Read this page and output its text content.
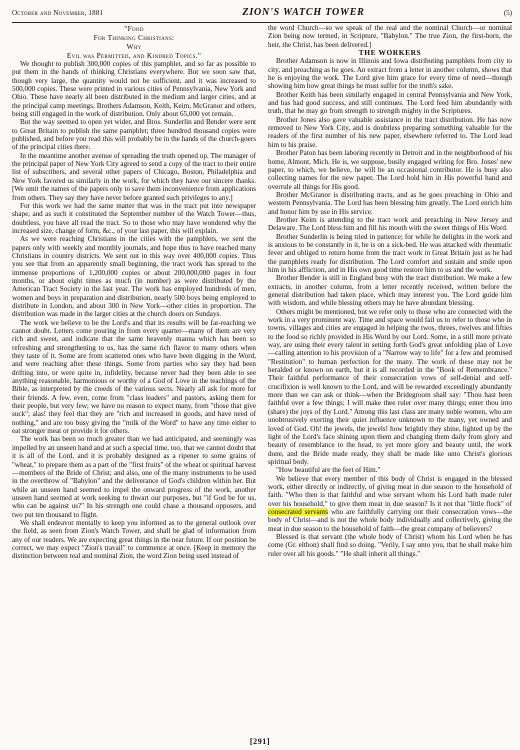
October and November, 1881	ZION'S WATCH TOWER	(5)

"Food

For Thinking Christians:

Why

Evil was Permitted, and Kindred Topics."

We thought to publish 300,000 copies of this pamphlet, and so far as possible to put them in the hands of thinking Christians everywhere. But we soon saw that, though very large, the quantity would not be sufficient, and it was increased to 500,000 copies. These were printed in various cities of Pennsylvania, New York and Ohio. These have nearly all been distributed in the medium and larger cities, and at the principal camp meetings, Brothers Adamson, Keith, Keim, McGranor and others, being still engaged in the work of distribution. Only about 65,000 yet remain.

But the way seemed to open yet wider, and Bros. Sunderlin and Bender were sent to Great Britain to publish the same pamphlet; three hundred thousand copies were published, and before you read this will probably be in the hands of the church-goers of the principal cities there.

In the meantime another avenue of spreading the truth opened up. The manager of the principal paper of New York City agreed to send a copy of the tract to their entire list of subscribers, and several other papers of Chicago, Boston, Philadelphia and New York favored us similarly in the work, for which they have our sincere thanks. [We omit the names of the papers only to save them inconvenience from applications from others. They say they have never before granted such privileges to any.]

For this work we had the same matter that was in the tract put into newspaper shape, and as such it constituted the September number of the Watch Tower—thus, doubtless, you have all read the tract. So to those who may have wondered why the increased size, change of form, &c., of your last paper, this will explain.

As we were reaching Christians in the cities with the pamphlets, we sent the papers only with weekly and monthly journals, and hope thus to have reached many Christians in country districts. We sent out in this way over 400,000 copies. Thus you see that from an apparently small beginning, the tract work has spread to the immense proportions of 1,200,000 copies or about 200,000,000 pages in four months, or about eight times as much (in number) as were distributed by the American Tract Society in the last year. The work has employed hundreds of men, women and boys in preparation and distribution, nearly 500 boys being employed to distribute in London, and about 300 in New York—other cities in proportion. The distribution was made in the larger cities at the church doors on Sundays.

The work we believe to be the Lord's and that its results will be far-reaching we cannot doubt. Letters come pouring in from every quarter—many of them are very rich and sweet, and indicate that the same heavenly manna which has been so refreshing and strengthening to us, has the same rich flavor to many others when they taste of it. Some are from scattered ones who have been digging in the Word, and were reaching after these things. Some from parties who say they had been drifting into, or were quite in, infidelity, because never had they been able to see anything reasonable, harmonious or worthy of a God of Love in the teachings of the Bible, as interpreted by the creeds of the various sects. Nearly all ask for more for their friends. A few, even, come from "class leaders" and pastors, asking them for their people, but very few; we have no reason to expect many, from "those that give suck"; alas! they feel that they are "rich and increased in goods, and have need of nothing," and are too busy giving the "milk of the Word" to have any time either to eat stronger meat or provide it for others.

The work has been so much greater than we had anticipated, and seemingly was impelled by an unseen hand and at such a special time, too, that we cannot doubt that it is all of the Lord, and it is probably designed as a ripener to some grains of "wheat," to prepare them as a part of the "first fruits" of the wheat or spiritual harvest—members of the Bride of Christ; and also, one of the many instruments to be used in the overthrow of "Babylon" and the deliverance of God's children within her. But while an unseen hand seemed to impel the onward progress of the work, another unseen hand seemed at work seeking to thwart our purposes, but "if God be for us, who can be against us?" In his strength one could chase a thousand opposers, and two put ten thousand to flight.

We shall endeavor mentally to keep you informed as to the general outlook over the field, as seen from Zion's Watch Tower, and shall be glad of information from any of our readers. We are expecting great things in the near future. If our position be correct, we may expect "Zion's travail" to commence at once. [Keep in memory the distinction between real and nominal Zion, the word Zion being used instead of

the word Church—so we speak of the real and the nominal Church—or nominal Zion being now termed, in Scripture, "Babylon." The true Zion, the first-born, the heir, the Christ, has been delivered.]

THE WORKERS

Brother Adamson is now in Illinois and Iowa distributing pamphlets from city to city, and preaching as he goes. An extract from a letter in another column, shows that he is enjoying the work. The Lord give him grace for every time of need—though showing him how great things he must suffer for the truth's sake.

Brother Keith has been similarly engaged in central Pennsylvania and New York, and has had good success, and still continues. The Lord feed him abundantly with truth, that he may go from strength to strength mighty in the Scriptures.

Brother Jones also gave valuable assistance in the tract distribution. He has now removed to New York City, and is doubtless preparing something valuable for the readers of the first number of his new paper, elsewhere referred to. The Lord lead him to his praise.

Brother Paton has been laboring recently in Detroit and in the neighborhood of his home, Almont, Mich. He is, we suppose, busily engaged writing for Bro. Jones' new paper, to which, we believe, he will be an occasional contributor. He is busy also collecting names for the new paper. The Lord hold him in His powerful hand and overrule all things for His good.

Brother McGranor is distributing tracts, and as he goes preaching in Ohio and western Pennsylvania. The Lord has been blessing him greatly. The Lord enrich him and honor him by use in His service.

Brother Keim is attending to the tract work and preaching in New Jersey and Delaware. The Lord bless him and fill his mouth with the sweet things of His Word.

Brother Sunderlin is being tried in patience; for while he delights in the work and is anxious to be constantly in it, he is on a sick-bed. He was attacked with rheumatic fever and obliged to return home from the tract work in Great Britain just as he had the pamphlets ready for distribution. The Lord comfort and sustain and smile upon him in his affliction, and in His own good time restore him to us and the work.

Brother Bender is still in England busy with the tract distribution. We make a few extracts, in another column, from a letter recently received, written before the general distribution had taken place, which may interest you. The Lord guide him with wisdom, and while blessing others may he have abundant blessing.

Others might be mentioned, but we refer only to those who are connected with the work in a very prominent way. Time and space would fail us to refer to those who in towns, villages and cities are engaged in helping the twos, threes, twelves and fifties to the food so richly provided in His Word by our Lord. Some, in a still more private way, are using their every talent in setting forth God's great unfolding plan of Love—calling attention to his provision of a "Narrow way to life" for a few and promised "Restitution" to human perfection for the many. The work of these may not be heralded or known on earth, but it is all recorded in the "Book of Remembrance." Their faithful performance of their consecration vows of self-denial and self-crucifixion is well known to the Lord, and will be rewarded exceedingly abundantly more than we can ask or think—when the Bridegroom shall say: "Thou hast been faithful over a few things; I will make thee ruler over many things; enter thou into (share) the joys of thy Lord." Among this last class are many noble women, who are unobtrusively exerting their quiet influence unknown to the many, yet owned and loved of God. Oh! the jewels, the jewels! how brightly they shine, lighted up by the light of the Lord's face shining upon them and changing them daily from glory and beauty of resemblance to the head, to yet more glory and beauty until, the work done, and the Bride made ready, they shall be made like unto Christ's glorious spiritual body.

"How beautiful are the feet of Him."

We believe that every member of this body of Christ is engaged in the blessed work, either directly or indirectly, of giving meat in due season to the household of faith. "Who then is that faithful and wise servant whom his Lord hath made ruler over his household," to give them meat in due season? Is it not that "little flock" of consecrated servants who are faithfully carrying out their consecration vows—the body of Christ—and is not the whole body individually and collectively, giving the meat in due season to the household of faith—the great company of believers?

Blessed is that servant (the whole body of Christ) whom his Lord when he has come (Gr. elthon) shall find so doing. "Verily, I say unto you, that he shall make him ruler over all his goods." "He shall inherit all things."

[291]
